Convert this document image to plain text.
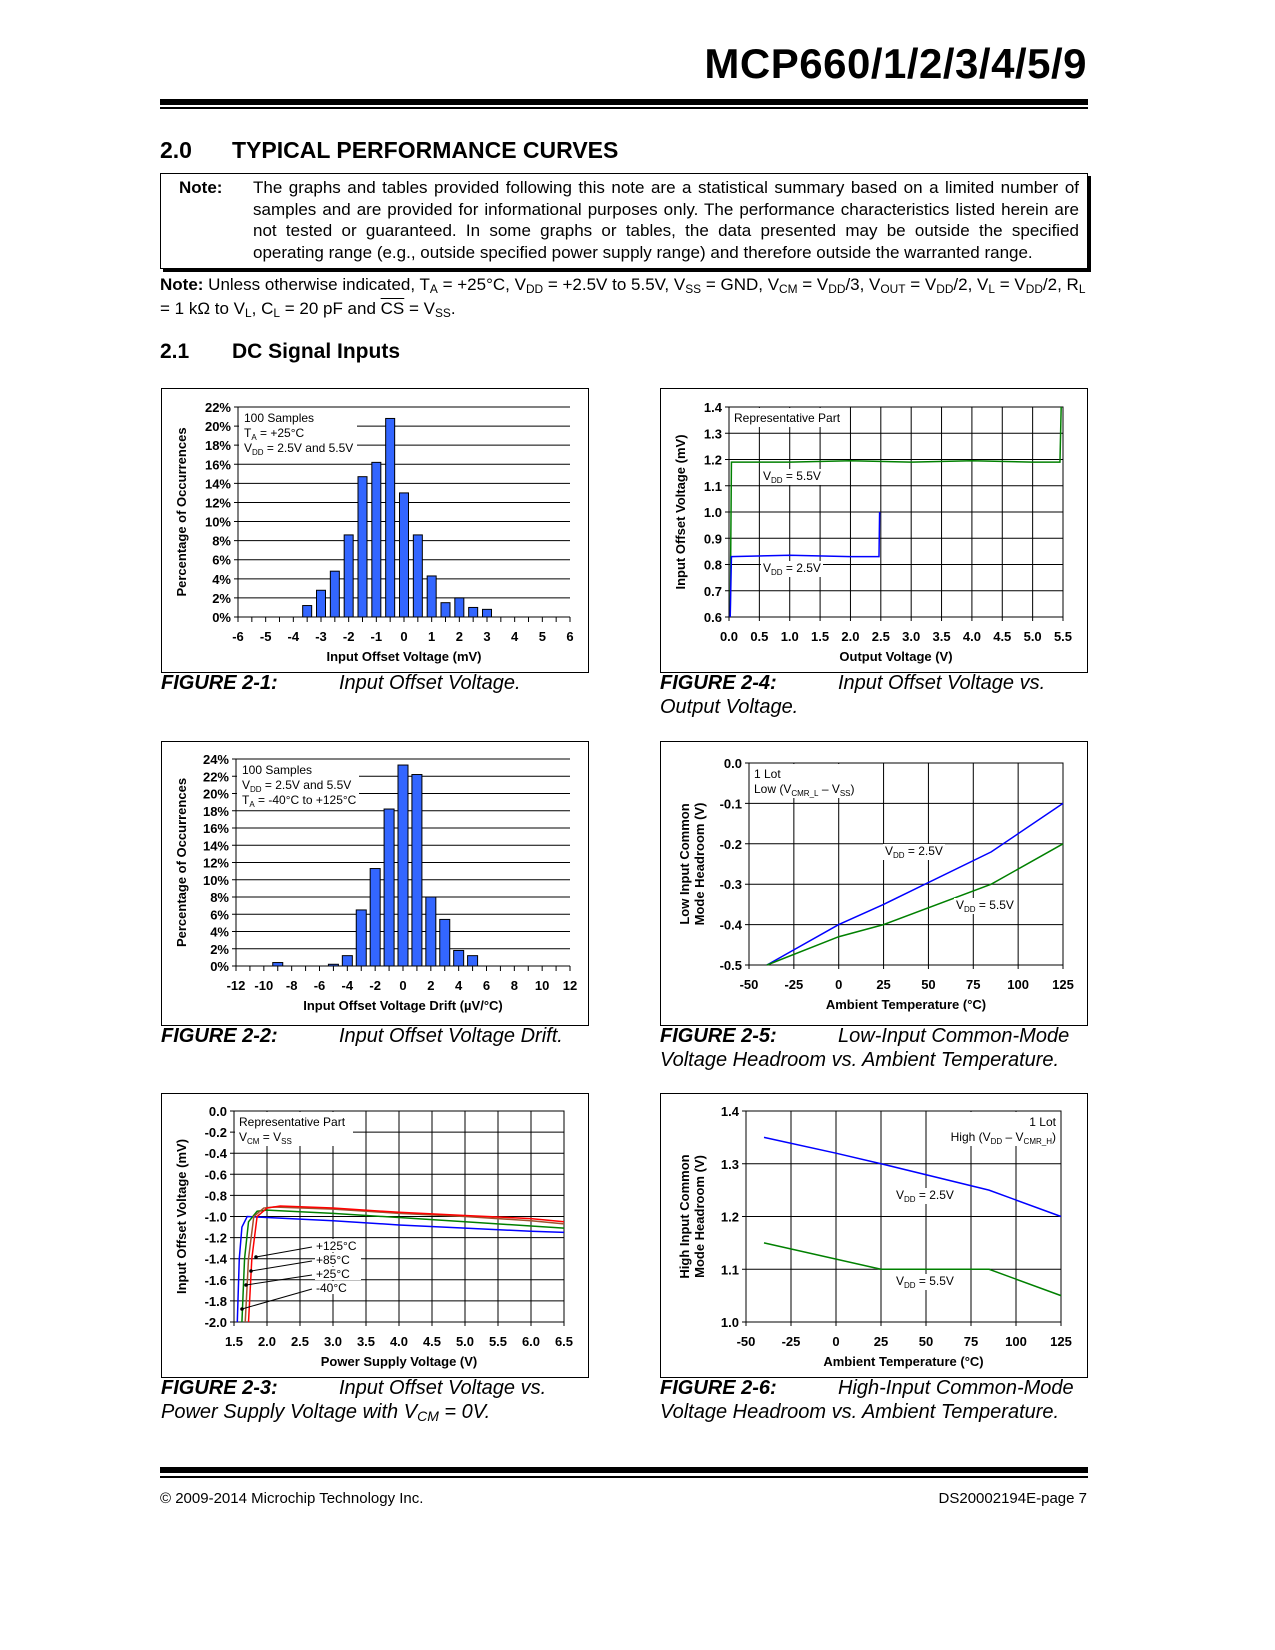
MCP660/1/2/3/4/5/9
2.0 TYPICAL PERFORMANCE CURVES
Note: The graphs and tables provided following this note are a statistical summary based on a limited number of samples and are provided for informational purposes only. The performance characteristics listed herein are not tested or guaranteed. In some graphs or tables, the data presented may be outside the specified operating range (e.g., outside specified power supply range) and therefore outside the warranted range.
Note: Unless otherwise indicated, $T_A = +25^\circ C$, $V_{DD} = +2.5V$ to 5.5V, $V_{SS}$ = GND, $V_{CM} = V_{DD}/3$, $V_{OUT} = V_{DD}/2$, $V_L = V_{DD}/2$, $R_L = 1$ kΩ to $V_L$, $C_L = 20$ pF and $\overline{CS} = V_{SS}$.
2.1 DC Signal Inputs
0%
2%
4%
6%
8%
10%
12%
14%
16%
18%
20%
22%
-6 -5 -4 -3 -2 -1 0 1 2 3 4 5 6
Input Offset Voltage (mV)
Percentage of Occurrences
100 Samples
$T_A = +25^\circ C$
$V_{DD} = 2.5V$ and 5.5V
0%
2%
4%
6%
8%
10%
12%
14%
16%
18%
20%
22%
24%
-12 -10 -8 -6 -4 -2 0 2 4 6 8 10 12
Input Offset Voltage Drift (µV/°C)
Percentage of Occurrences
100 Samples
$V_{DD} = 2.5V$ and 5.5V
$T_A = -40^\circ C$ to +125°C
-2.0
-1.8
-1.6
-1.4
-1.2
-1.0
-0.8
-0.6
-0.4
-0.2
0.0
1.5 2.0 2.5 3.0 3.5 4.0 4.5 5.0 5.5 6.0 6.5
Power Supply Voltage (V)
Input Offset Voltage (mV)
Representative Part
$V_{CM} = V_{SS}$
+125°C
+85°C
+25°C
-40°C
0.6
0.7
0.8
0.9
1.0
1.1
1.2
1.3
1.4
0.0 0.5 1.0 1.5 2.0 2.5 3.0 3.5 4.0 4.5 5.0 5.5
Output Voltage (V)
Input Offset Voltage (mV)
Representative Part
$V_{DD} = 5.5V$
$V_{DD} = 2.5V$
-0.5
-0.4
-0.3
-0.2
-0.1
0.0
-50 -25 0	25 50 75 100 125
Ambient Temperature (°C)
Low Input Common Mode Headroom (V)
1 Lot
Low $(V_{CMR\_L} - V_{SS})$
$V_{DD} = 2.5V$
$V_{DD} = 5.5V$
1.0
1.1
1.2
1.3
1.4
-50 -25 0	25 50 75 100 125
Ambient Temperature (°C)
High Input Common Mode Headroom (V)
1 Lot
High $(V_{DD} - V_{CMR\_H})$
$V_{DD} = 2.5V$
$V_{DD} = 5.5V$
FIGURE 2-1:	Input Offset Voltage.
FIGURE 2-2:	Input Offset Voltage Drift.
FIGURE 2-3:	Input Offset Voltage vs. Power Supply Voltage with $V_{CM} = 0V$.
FIGURE 2-4:	Input Offset Voltage vs. Output Voltage.
FIGURE 2-5:	Low-Input Common-Mode Voltage Headroom vs. Ambient Temperature.
FIGURE 2-6:	High-Input Common-Mode Voltage Headroom vs. Ambient Temperature.
© 2009-2014 Microchip Technology Inc.	DS20002194E-page 7
